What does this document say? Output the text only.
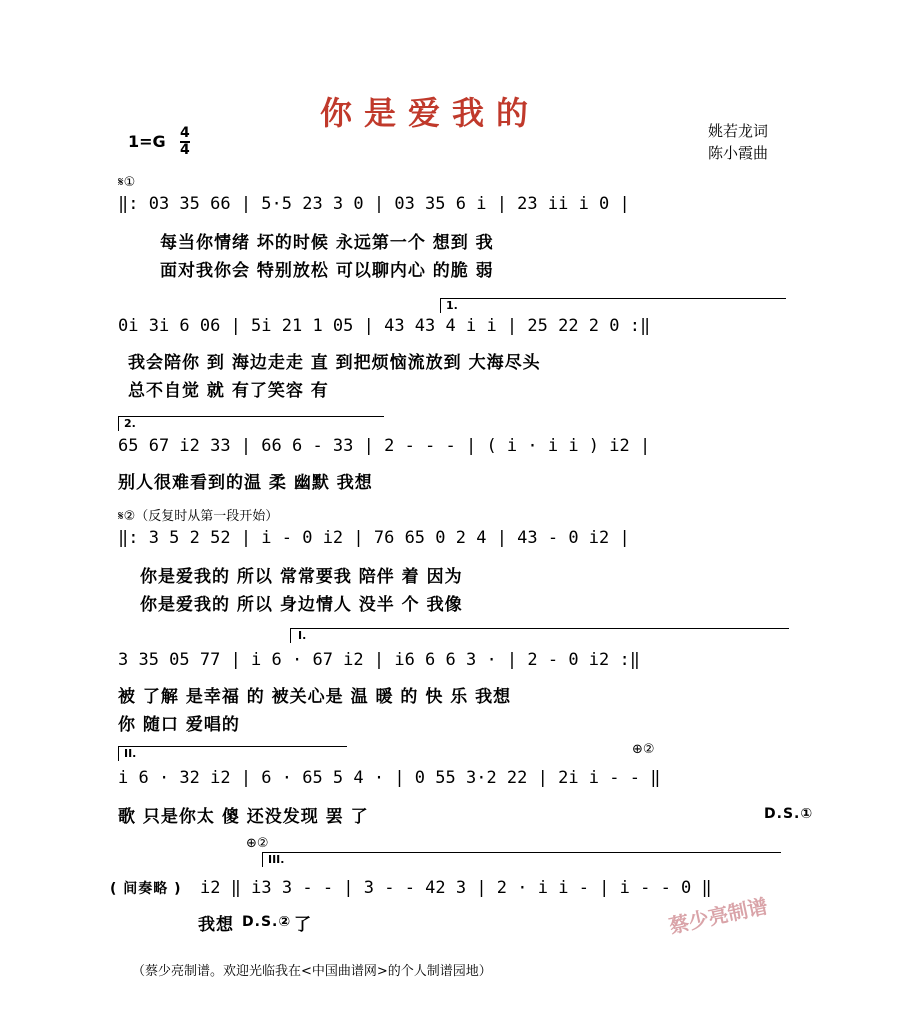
你是爱我的
1=G 4
4
姚若龙词
陈小霞曲
𝄋①
‖: 03 35 66 | 5·5 23 3 0 | 03 35 6 i | 23 ii i 0 |
每当你情绪 坏的时候 永远第一个 想到 我
面对我你会 特别放松 可以聊内心 的脆 弱
1.
0i 3i 6 06 | 5i 21 1 05 | 43 43 4 i i | 25 22 2 0 :‖
我会陪你 到 海边走走 直 到把烦恼流放到 大海尽头
总不自觉 就 有了笑容 有
2.
65 67 i2 33 | 66 6 - 33 | 2 - - - | ( i · i i ) i2 |
别人很难看到的温 柔 幽默 我想
𝄋②（反复时从第一段开始）
‖: 3 5 2 52 | i - 0 i2 | 76 65 0 2 4 | 43 - 0 i2 |
你是爱我的 所以 常常要我 陪伴 着 因为
你是爱我的 所以 身边情人 没半 个 我像
I.
3 35 05 77 | i 6 · 67 i2 | i6 6 6 3 · | 2 - 0 i2 :‖
被 了解 是幸福 的 被关心是 温 暖 的 快 乐 我想
你 随口 爱唱的
II.	⊕②
i 6 · 32 i2 | 6 · 65 5 4 · | 0 55 3·2 22 | 2i i - - ‖
歌 只是你太 傻 还没发现 罢 了	D.S.①
⊕②
III.
( 间奏略 ) i2 ‖ i3 3 - - | 3 - - 42 3 | 2 · i i - | i - - 0 ‖
我想 D.S.② 了	蔡少亮制谱
（蔡少亮制谱。欢迎光临我在<中国曲谱网>的个人制谱园地）
